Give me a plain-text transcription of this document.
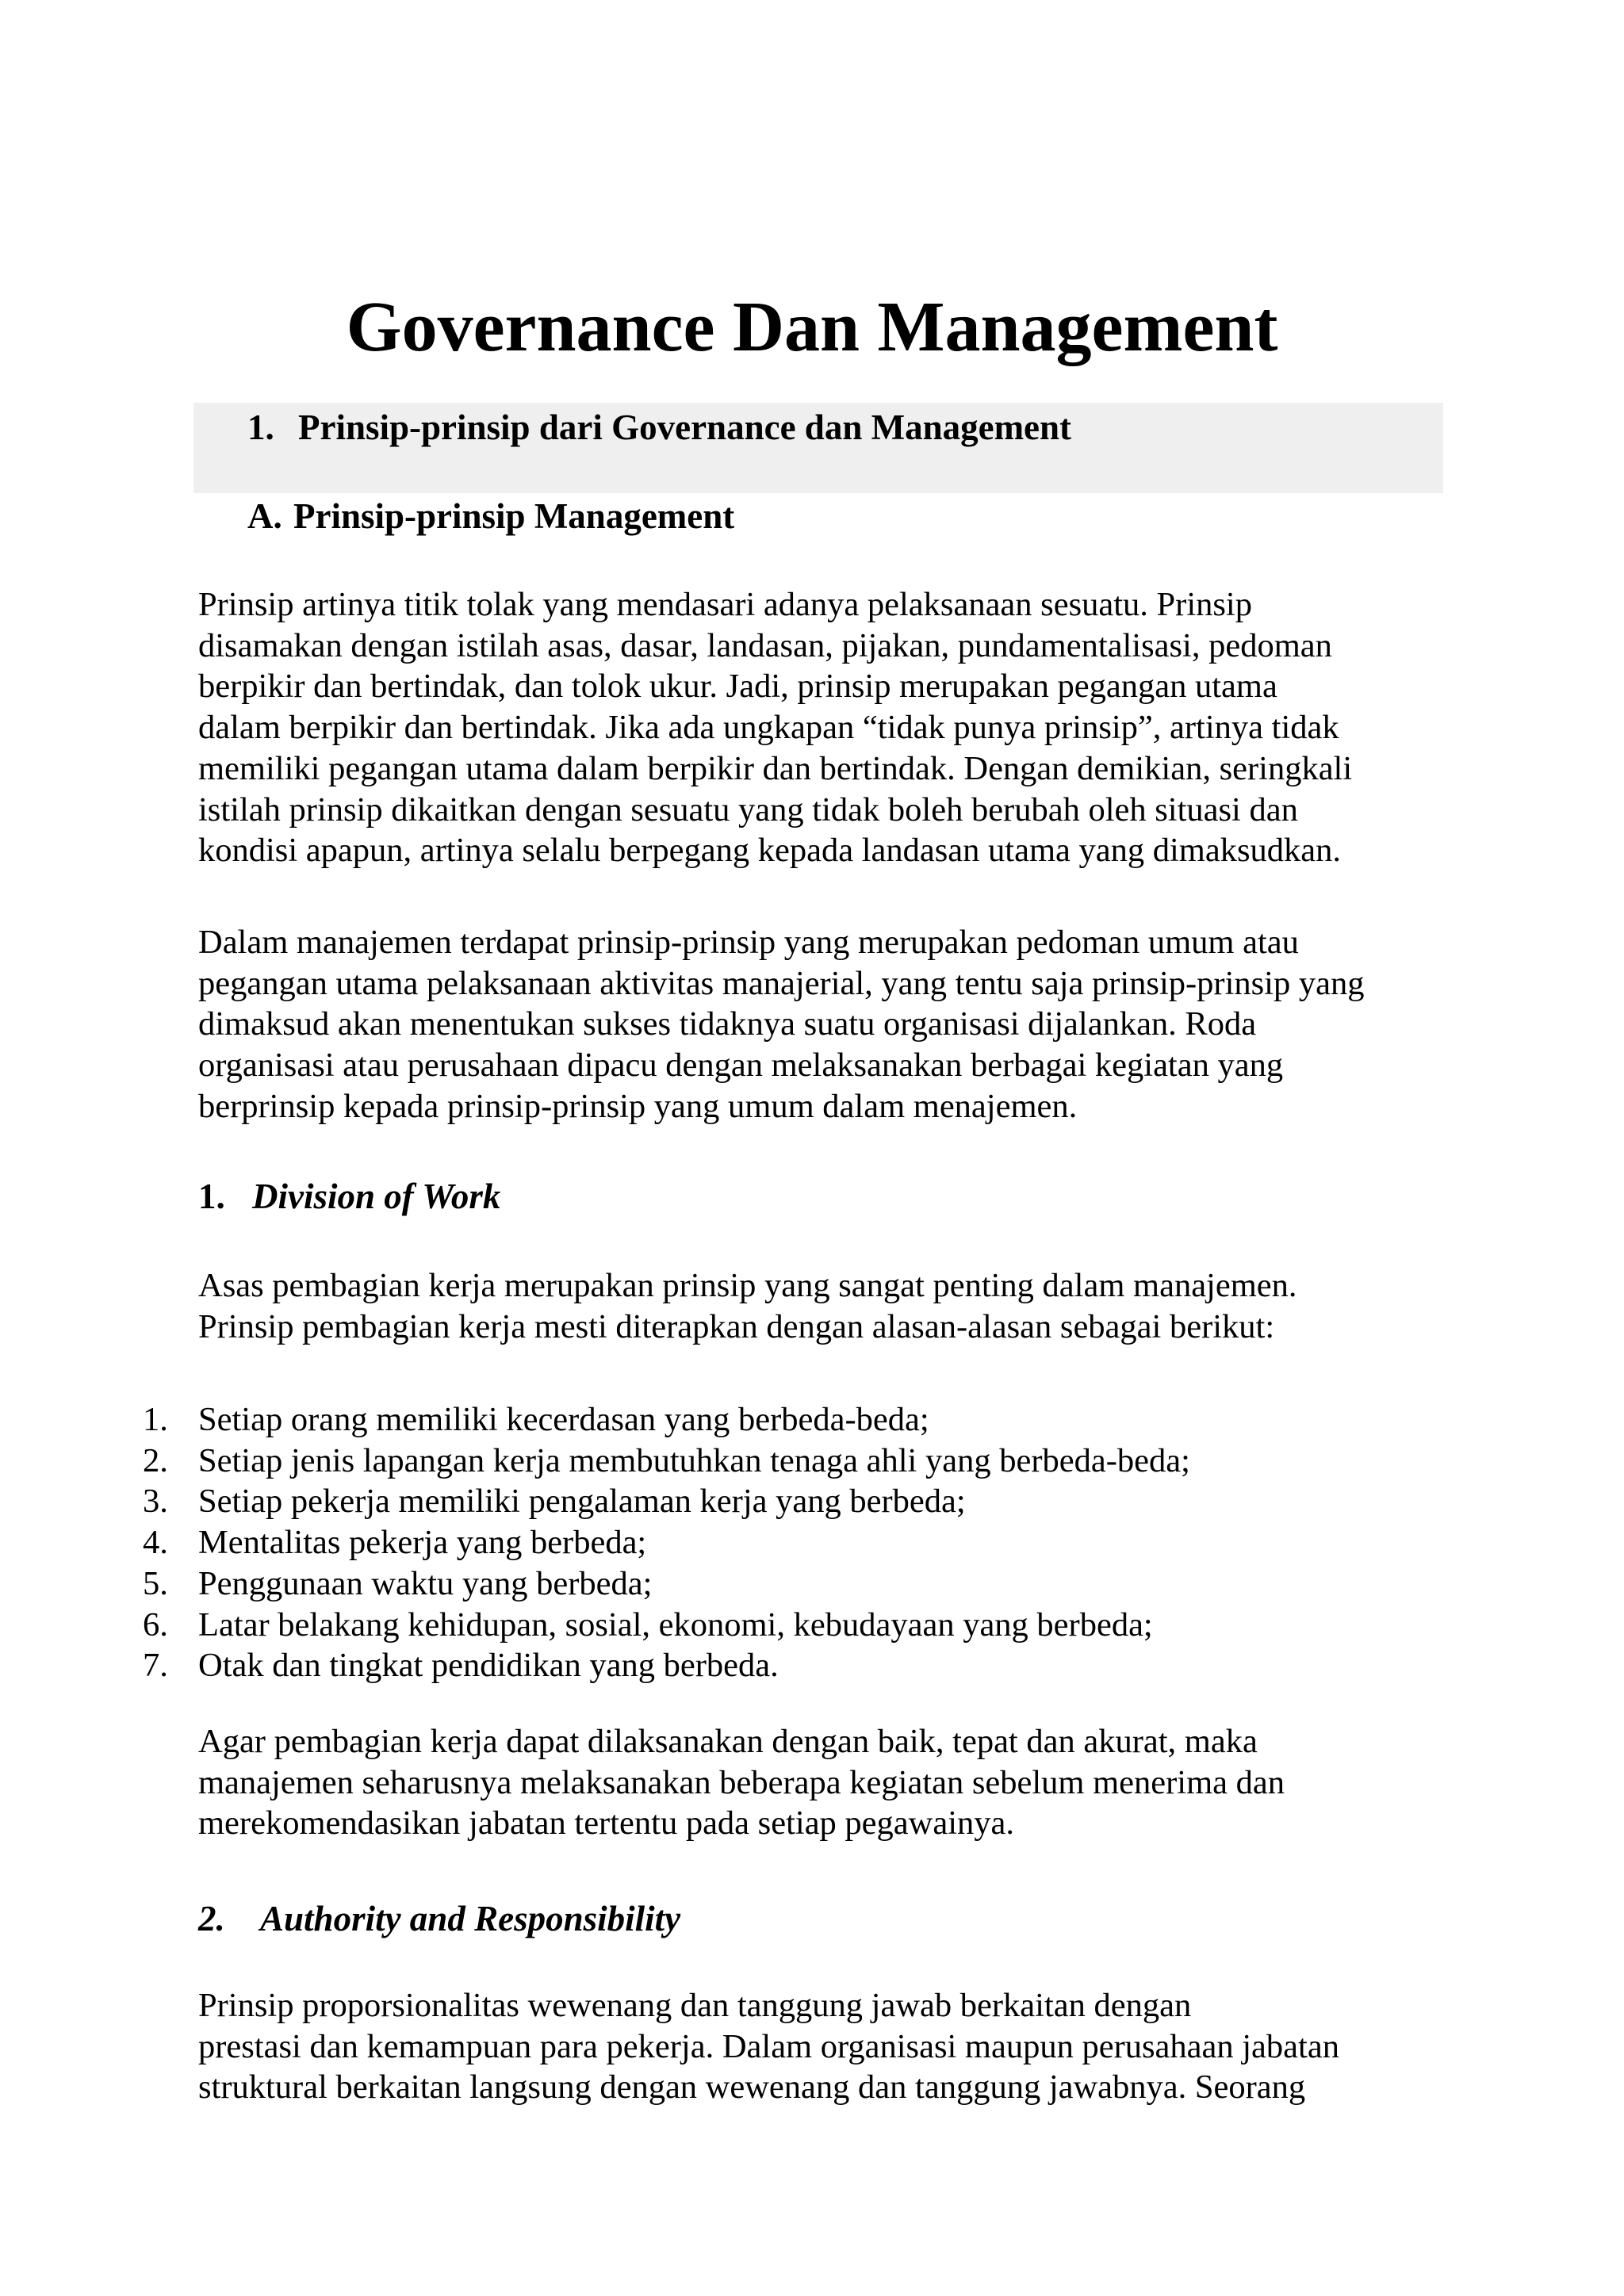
Governance Dan Management
1. Prinsip-prinsip dari Governance dan Management
A. Prinsip-prinsip Management

Prinsip artinya titik tolak yang mendasari adanya pelaksanaan sesuatu. Prinsip
disamakan dengan istilah asas, dasar, landasan, pijakan, pundamentalisasi, pedoman
berpikir dan bertindak, dan tolok ukur. Jadi, prinsip merupakan pegangan utama
dalam berpikir dan bertindak. Jika ada ungkapan “tidak punya prinsip”, artinya tidak
memiliki pegangan utama dalam berpikir dan bertindak. Dengan demikian, seringkali
istilah prinsip dikaitkan dengan sesuatu yang tidak boleh berubah oleh situasi dan
kondisi apapun, artinya selalu berpegang kepada landasan utama yang dimaksudkan.

Dalam manajemen terdapat prinsip-prinsip yang merupakan pedoman umum atau
pegangan utama pelaksanaan aktivitas manajerial, yang tentu saja prinsip-prinsip yang
dimaksud akan menentukan sukses tidaknya suatu organisasi dijalankan. Roda
organisasi atau perusahaan dipacu dengan melaksanakan berbagai kegiatan yang
berprinsip kepada prinsip-prinsip yang umum dalam menajemen.

1. Division of Work

Asas pembagian kerja merupakan prinsip yang sangat penting dalam manajemen.
Prinsip pembagian kerja mesti diterapkan dengan alasan-alasan sebagai berikut:

1. Setiap orang memiliki kecerdasan yang berbeda-beda;
2. Setiap jenis lapangan kerja membutuhkan tenaga ahli yang berbeda-beda;
3. Setiap pekerja memiliki pengalaman kerja yang berbeda;
4. Mentalitas pekerja yang berbeda;
5. Penggunaan waktu yang berbeda;
6. Latar belakang kehidupan, sosial, ekonomi, kebudayaan yang berbeda;
7. Otak dan tingkat pendidikan yang berbeda.

Agar pembagian kerja dapat dilaksanakan dengan baik, tepat dan akurat, maka
manajemen seharusnya melaksanakan beberapa kegiatan sebelum menerima dan
merekomendasikan jabatan tertentu pada setiap pegawainya.

2. Authority and Responsibility

Prinsip proporsionalitas wewenang dan tanggung jawab berkaitan dengan
prestasi dan kemampuan para pekerja. Dalam organisasi maupun perusahaan jabatan
struktural berkaitan langsung dengan wewenang dan tanggung jawabnya. Seorang
